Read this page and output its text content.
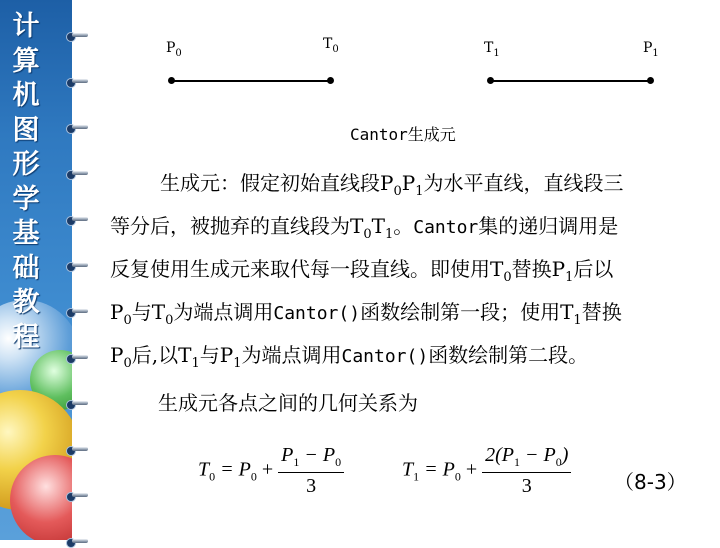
计
算
机
图
形
学
基
础
教
程
$P_0$
$T_0$	$T_1$	$P_1$
Cantor生成元
生成元：假定初始直线段$P_0P_1$为水平直线，直线段三
等分后，被抛弃的直线段为$T_0T_1$。Cantor集的递归调用是
反复使用生成元来取代每一段直线。即使用$T_0$替换$P_1$后以
$P_0$与$T_0$为端点调用Cantor()函数绘制第一段；使用$T_1$替换
$P_0$后,以$T_1$与$P_1$为端点调用Cantor()函数绘制第二段。
生成元各点之间的几何关系为
$T_0 = P_0 + \frac{P_1 - P_0}{3}$	$T_1 = P_0 + \frac{2(P_1 - P_0)}{3} (8-3)$
